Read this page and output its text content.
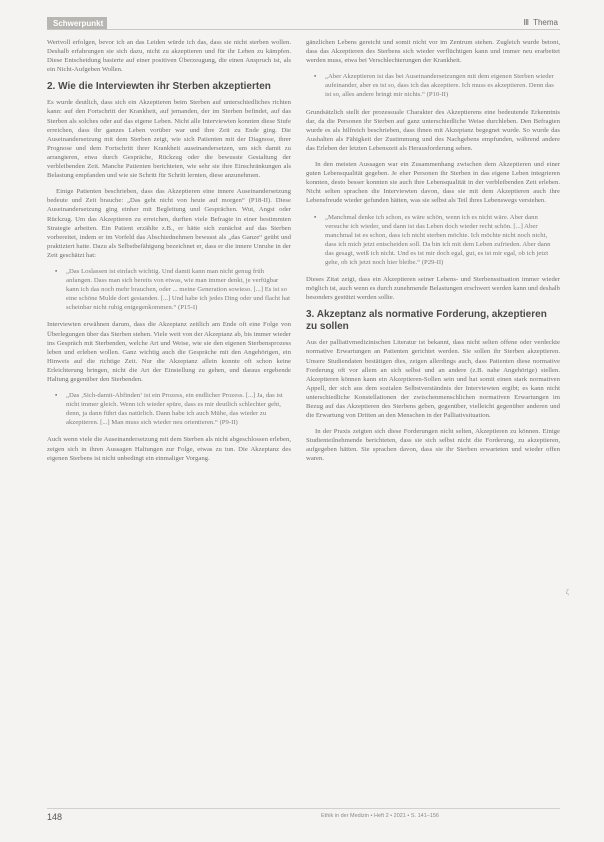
Schwerpunkt	Ⅲ Thema

Wertvoll erfolgen, bevor ich an das Leiden würde ich das, dass sie nicht sterben wollen. Deshalb erfahrungen sie sich dazu, nicht zu akzeptieren und für ihr Leben zu kämpfen. Diese Entscheidung basierte auf einer positiven Überzeugung, die einen Anspruch ist, als ein Nicht-Aufgeben Wollen.

2. Wie die Interviewten ihr Sterben akzeptierten

Es wurde deutlich, dass sich ein Akzeptieren beim Sterben auf unterschiedliches richten kann: auf den Fortschritt der Krankheit, auf jemanden, der im Sterben befindet, auf das Sterben als solches oder auf das eigene Leben. Nicht alle Interviewten konnten diese Stufe erreichen, dass ihr ganzes Leben vorüber war und ihre Zeit zu Ende ging. Die Auseinandersetzung mit dem Sterben zeigt, wie sich Patienten mit der Diagnose, ihrer Prognose und dem Fortschritt ihrer Krankheit auseinandersetzen, um sich damit zu arrangieren, etwa durch Gespräche, Rückzug oder die bewusste Gestaltung der verbleibenden Zeit. Manche Patienten berichteten, wie sehr sie ihre Einschränkungen als Belastung empfanden und wie sie Schritt für Schritt lernten, diese anzunehmen.

Einige Patienten beschrieben, dass das Akzeptieren eine innere Auseinandersetzung bedeute und Zeit brauche: „Das geht nicht von heute auf morgen“ (P18-II). Diese Auseinandersetzung ging einher mit Begleitung und Gesprächen. Wut, Angst oder Rückzug. Um das Akzeptieren zu erreichen, durften viele Befragte in einer bestimmten Strategie arbeiten. Ein Patient erzählte z.B., er hätte sich zunächst auf das Sterben vorbereitet, indem er im Vorfeld das Abschiednehmen bewusst als „das Ganze“ geübt und praktiziert hatte. Dazu als Selbstbefähigung bezeichnet er, dass er die innere Unruhe in der Zeit geschätzt hat:

▪ „Das Loslassen ist einfach wichtig. Und damit kann man nicht genug früh anfangen. Dass man sich bereits von etwas, wie man immer denkt, je verfügbar kann ich das noch mehr brauchen, oder ... meine Generation sowieso. [...] Es ist so eine schöne Mulde dort gestanden. [...] Und habe ich jedes Ding oder und flacht hat scheinbar nicht ruhig entgegenkommen.“ (P15-I)

Interviewten erwähnen darum, dass die Akzeptanz zeitlich am Ende oft eine Folge von Überlegungen über das Sterben stehen. Viele weit von der Akzeptanz ab, bis immer wieder ins Gespräch mit Sterbenden, welche Art und Weise, wie sie den eigenen Sterbensprozess leben und erleben wollen. Ganz wichtig auch die Gespräche mit den Angehörigen, ein Hinweis auf die richtige Zeit. Nur die Akzeptanz allein konnte oft schon keine Erleichterung bringen, nicht die Art der Einstellung zu gehen, und daraus ergebende Haltung gegenüber den Sterbenden.

▪ „Das ‚Sich-damit-Abfinden‘ ist ein Prozess, ein endlicher Prozess. [...] Ja, das ist nicht immer gleich. Wenn ich wieder spüre, dass es mir deutlich schlechter geht, denn, ja dann führt das natürlich. Dann habe ich auch Mühe, das wieder zu akzeptieren. [...] Man muss sich wieder neu orientieren.“ (P9-II)

Auch wenn viele die Auseinandersetzung mit dem Sterben als nicht abgeschlossen erleben, zeigen sich in ihren Aussagen Haltungen zur Folge, etwas zu tun. Die Akzeptanz des eigenen Sterbens ist nicht unbedingt ein einmaliger Vorgang.

gänzlichen Lebens gereicht und somit nicht vor im Zentrum stehen. Zugleich wurde betont, dass das Akzeptieren des Sterbens sich wieder verflüchtigen kann und immer neu erarbeitet werden muss, etwa bei Verschlechterungen der Krankheit.

▪ „Aber Akzeptieren ist das bei Auseinandersetzungen mit dem eigenen Sterben wieder aufeinander, aber es ist so, dass ich das akzeptiere. Ich muss es akzeptieren. Denn das ist so, alles andere bringt mir nichts.“ (P10-II)

Grundsätzlich stellt der prozessuale Charakter des Akzeptierens eine bedeutende Erkenntnis dar, da die Personen ihr Sterben auf ganz unterschiedliche Weise durchleben. Den Befragten wurde es als hilfreich beschrieben, dass ihnen mit Akzeptanz begegnet wurde. So wurde das Aushalten als Fähigkeit der Zustimmung und des Nachgebens empfunden, während andere das Erleben der letzten Lebenszeit als Herausforderung sehen.

In den meisten Aussagen war ein Zusammenhang zwischen dem Akzeptieren und einer guten Lebensqualität gegeben. Je eher Personen ihr Sterben in das eigene Leben integrieren konnten, desto besser konnten sie auch ihre Lebensqualität in der verbleibenden Zeit erleben. Nicht selten sprachen die Interviewten davon, dass sie mit dem Akzeptieren auch ihre Lebensfreude wieder gefunden hätten, was sie selbst als Teil ihres Lebenswegs verstehen.

▪ „Manchmal denke ich schon, es wäre schön, wenn ich es nicht wäre. Aber dann versuche ich wieder, und dann ist das Leben doch wieder recht schön. [...] Aber manchmal ist es schon, dass ich nicht sterben möchte. Ich möchte nicht noch nicht, dass ich mich jetzt entscheiden soll. Da bin ich mit dem Leben zufrieden. Aber dann das gesagt, weiß ich nicht. Und es ist mir doch egal, gut, es ist mir egal, ob ich jetzt gehe, ob ich jetzt noch hier bleibe.“ (P29-II)

Dieses Zitat zeigt, dass ein Akzeptieren seiner Lebens- und Sterbenssituation immer wieder möglich ist, auch wenn es durch zunehmende Belastungen erschwert werden kann und deshalb besonders gestützt werden sollte.

3. Akzeptanz als normative Forderung, akzeptieren zu sollen

Aus der palliativmedizinischen Literatur ist bekannt, dass nicht selten offene oder verdeckte normative Erwartungen an Patienten gerichtet werden. Sie sollen ihr Sterben akzeptieren. Unsere Studiendaten bestätigen dies, zeigen allerdings auch, dass Patienten diese normative Forderung oft vor allem an sich selbst und an andere (z.B. nahe Angehörige) stellen. Akzeptieren können kann ein Akzeptieren-Sollen sein und hat somit einen stark normativen Appell, der sich aus dem sozialen Selbstverständnis der Interviewten ergibt; es kann nicht unterschiedliche Konstellationen der zwischenmenschlichen normativen Erwartungen im Bezug auf das Akzeptieren des Sterbens geben, gegenüber, vielleicht gegenüber anderen und die Erwartung von Dritten an den Menschen in der Palliativsituation.

In der Praxis zeigten sich diese Forderungen nicht selten, Akzeptieren zu können. Einige Studienteilnehmende berichteten, dass sie sich selbst nicht die Forderung, zu akzeptieren, aufgegeben hätten. Sie sprachen davon, dass sie ihr Sterben erwarteten und wieder offen waren.

ζ
148	Ethik in der Medizin • Heft 2 • 2021 • S. 141–156
